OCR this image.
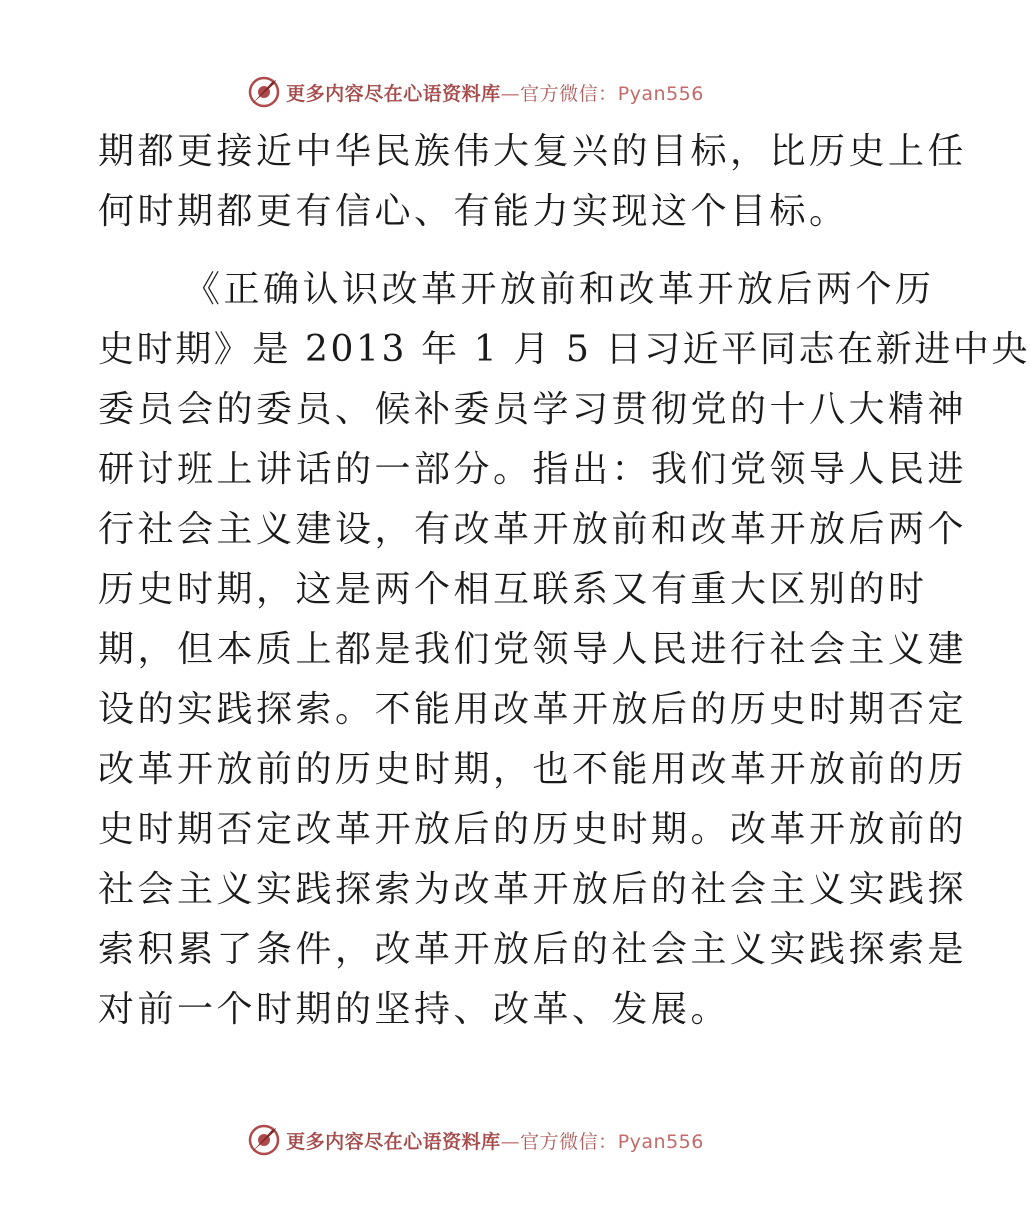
更多内容尽在心语资料库—官方微信：Pyan556
期都更接近中华民族伟大复兴的目标，比历史上任
何时期都更有信心、有能力实现这个目标。
《正确认识改革开放前和改革开放后两个历
史时期》是 2013 年 1 月 5 日习近平同志在新进中央
委员会的委员、候补委员学习贯彻党的十八大精神
研讨班上讲话的一部分。指出：我们党领导人民进
行社会主义建设，有改革开放前和改革开放后两个
历史时期，这是两个相互联系又有重大区别的时
期，但本质上都是我们党领导人民进行社会主义建
设的实践探索。不能用改革开放后的历史时期否定
改革开放前的历史时期，也不能用改革开放前的历
史时期否定改革开放后的历史时期。改革开放前的
社会主义实践探索为改革开放后的社会主义实践探
索积累了条件，改革开放后的社会主义实践探索是
对前一个时期的坚持、改革、发展。
更多内容尽在心语资料库—官方微信：Pyan556
